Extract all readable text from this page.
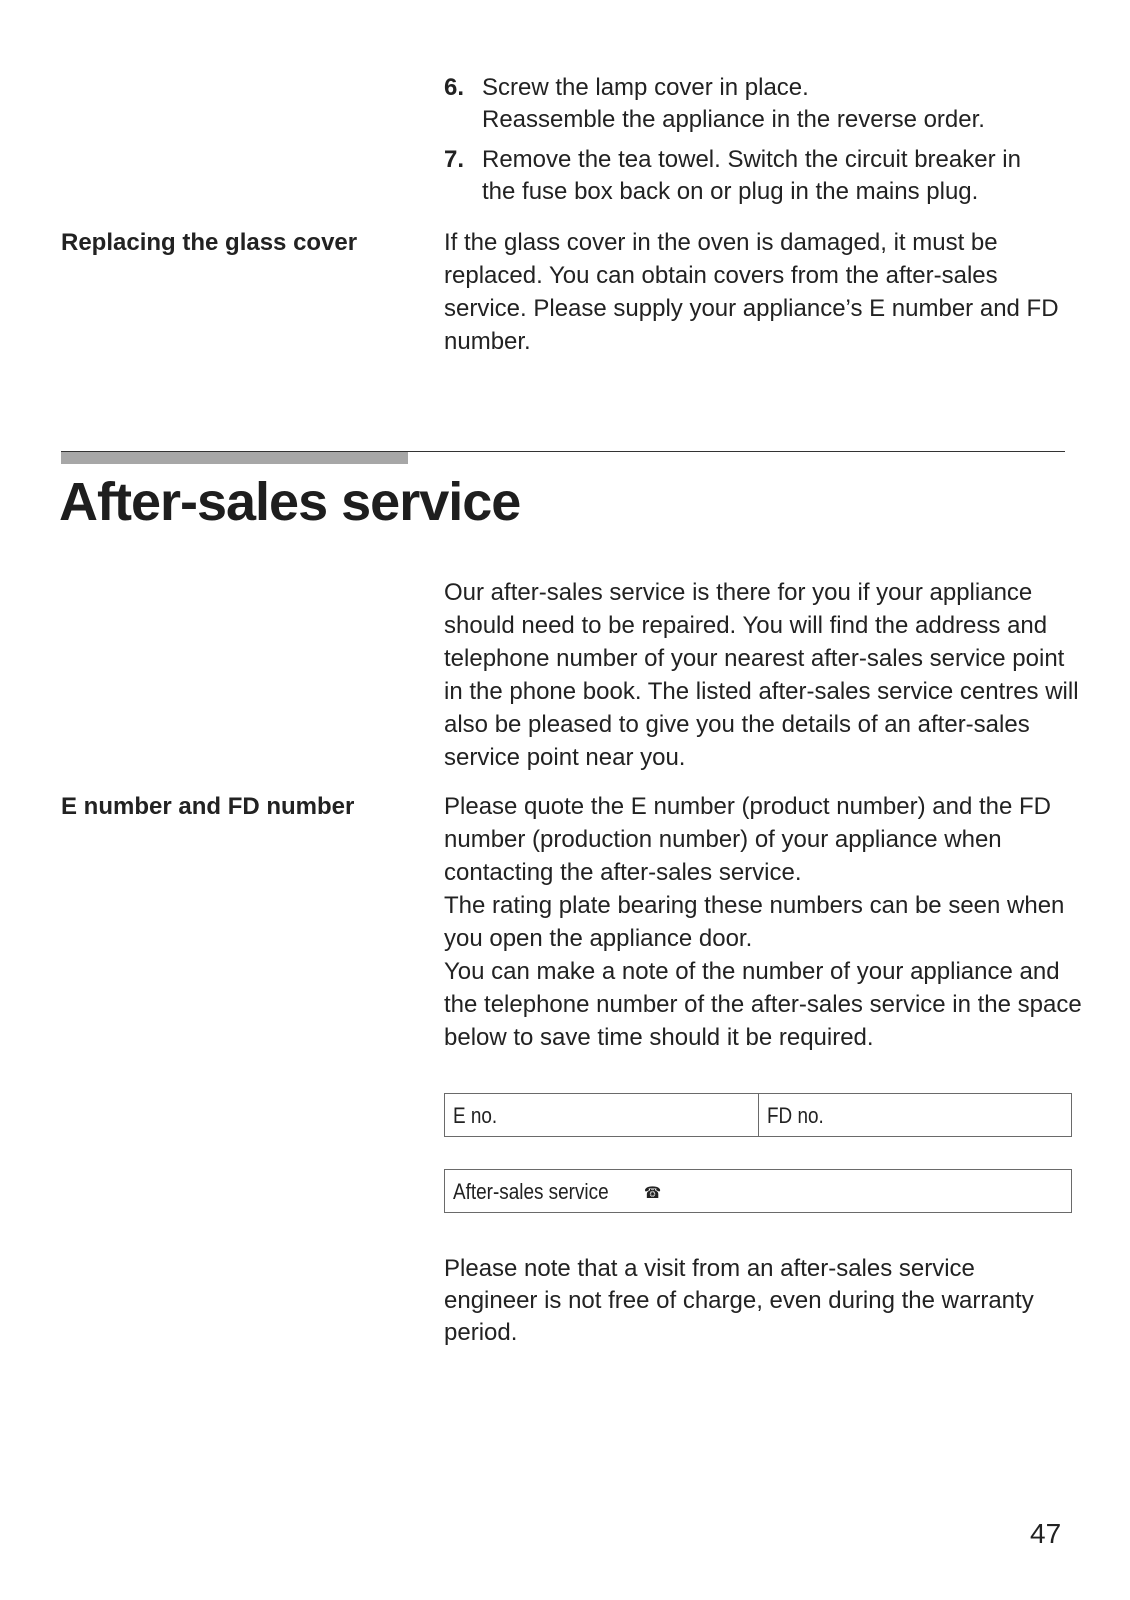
6. Screw the lamp cover in place.
Reassemble the appliance in the reverse order.
7. Remove the tea towel. Switch the circuit breaker in
the fuse box back on or plug in the mains plug.
Replacing the glass cover	If the glass cover in the oven is damaged, it must be replaced. You can obtain covers from the after-sales service. Please supply your appliance’s E number and FD number.
After-sales service
Our after-sales service is there for you if your appliance should need to be repaired. You will find the address and telephone number of your nearest after-sales service point in the phone book. The listed after-sales service centres will also be pleased to give you the details of an after-sales service point near you.
E number and FD number	Please quote the E number (product number) and the FD number (production number) of your appliance when contacting the after-sales service.
The rating plate bearing these numbers can be seen when you open the appliance door.
You can make a note of the number of your appliance and the telephone number of the after-sales service in the space below to save time should it be required.
E no.	FD no.
After-sales service ☎
Please note that a visit from an after-sales service engineer is not free of charge, even during the warranty period.
47
